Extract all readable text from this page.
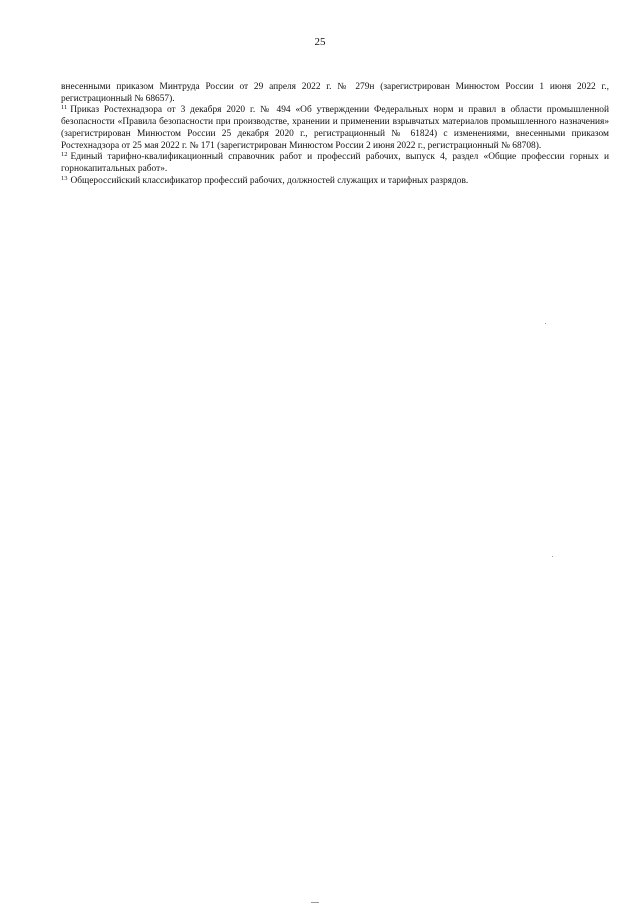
25

внесенными приказом Минтруда России от 29 апреля 2022 г. № 279н (зарегистрирован Минюстом России 1 июня 2022 г., регистрационный № 68657).

$^{11}$ Приказ Ростехнадзора от 3 декабря 2020 г. № 494 «Об утверждении Федеральных норм и правил в области промышленной безопасности «Правила безопасности при производстве, хранении и применении взрывчатых материалов промышленного назначения» (зарегистрирован Минюстом России 25 декабря 2020 г., регистрационный № 61824) с изменениями, внесенными приказом Ростехнадзора от 25 мая 2022 г. № 171 (зарегистрирован Минюстом России 2 июня 2022 г., регистрационный № 68708).

$^{12}$ Единый тарифно-квалификационный справочник работ и профессий рабочих, выпуск 4, раздел «Общие профессии горных и горнокапитальных работ».

$^{13}$ Общероссийский классификатор профессий рабочих, должностей служащих и тарифных разрядов.
